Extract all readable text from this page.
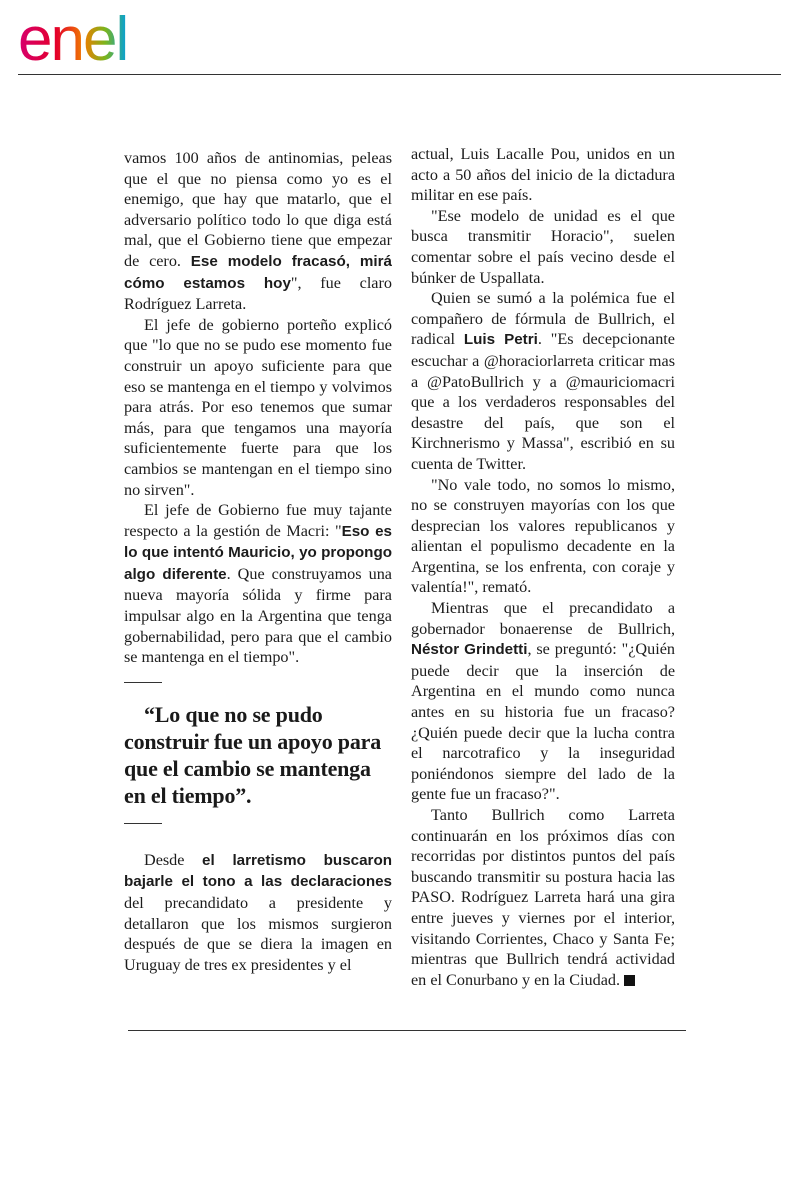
enel

vamos 100 años de antinomias, peleas que el que no piensa como yo es el enemigo, que hay que matarlo, que el adversario político todo lo que diga está mal, que el Gobierno tiene que empezar de cero. Ese modelo fracasó, mirá cómo estamos hoy", fue claro Rodríguez Larreta.

El jefe de gobierno porteño explicó que "lo que no se pudo ese momento fue construir un apoyo suficiente para que eso se mantenga en el tiempo y volvimos para atrás. Por eso tenemos que sumar más, para que tengamos una mayoría suficientemente fuerte para que los cambios se mantengan en el tiempo sino no sirven".

El jefe de Gobierno fue muy tajante respecto a la gestión de Macri: "Eso es lo que intentó Mauricio, yo propongo algo diferente. Que construyamos una nueva mayoría sólida y firme para impulsar algo en la Argentina que tenga gobernabilidad, pero para que el cambio se mantenga en el tiempo".

“Lo que no se pudo construir fue un apoyo para que el cambio se mantenga en el tiempo”.

Desde el larretismo buscaron bajarle el tono a las declaraciones del precandidato a presidente y detallaron que los mismos surgieron después de que se diera la imagen en Uruguay de tres ex presidentes y el

actual, Luis Lacalle Pou, unidos en un acto a 50 años del inicio de la dictadura militar en ese país.

"Ese modelo de unidad es el que busca transmitir Horacio", suelen comentar sobre el país vecino desde el búnker de Uspallata.

Quien se sumó a la polémica fue el compañero de fórmula de Bullrich, el radical Luis Petri. "Es decepcionante escuchar a @horaciorlarreta criticar mas a @PatoBullrich y a @mauriciomacri que a los verdaderos responsables del desastre del país, que son el Kirchnerismo y Massa", escribió en su cuenta de Twitter.

"No vale todo, no somos lo mismo, no se construyen mayorías con los que desprecian los valores republicanos y alientan el populismo decadente en la Argentina, se los enfrenta, con coraje y valentía!", remató.

Mientras que el precandidato a gobernador bonaerense de Bullrich, Néstor Grindetti, se preguntó: "¿Quién puede decir que la inserción de Argentina en el mundo como nunca antes en su historia fue un fracaso? ¿Quién puede decir que la lucha contra el narcotrafico y la inseguridad poniéndonos siempre del lado de la gente fue un fracaso?".

Tanto Bullrich como Larreta continuarán en los próximos días con recorridas por distintos puntos del país buscando transmitir su postura hacia las PASO. Rodríguez Larreta hará una gira entre jueves y viernes por el interior, visitando Corrientes, Chaco y Santa Fe; mientras que Bullrich tendrá actividad en el Conurbano y en la Ciudad.
